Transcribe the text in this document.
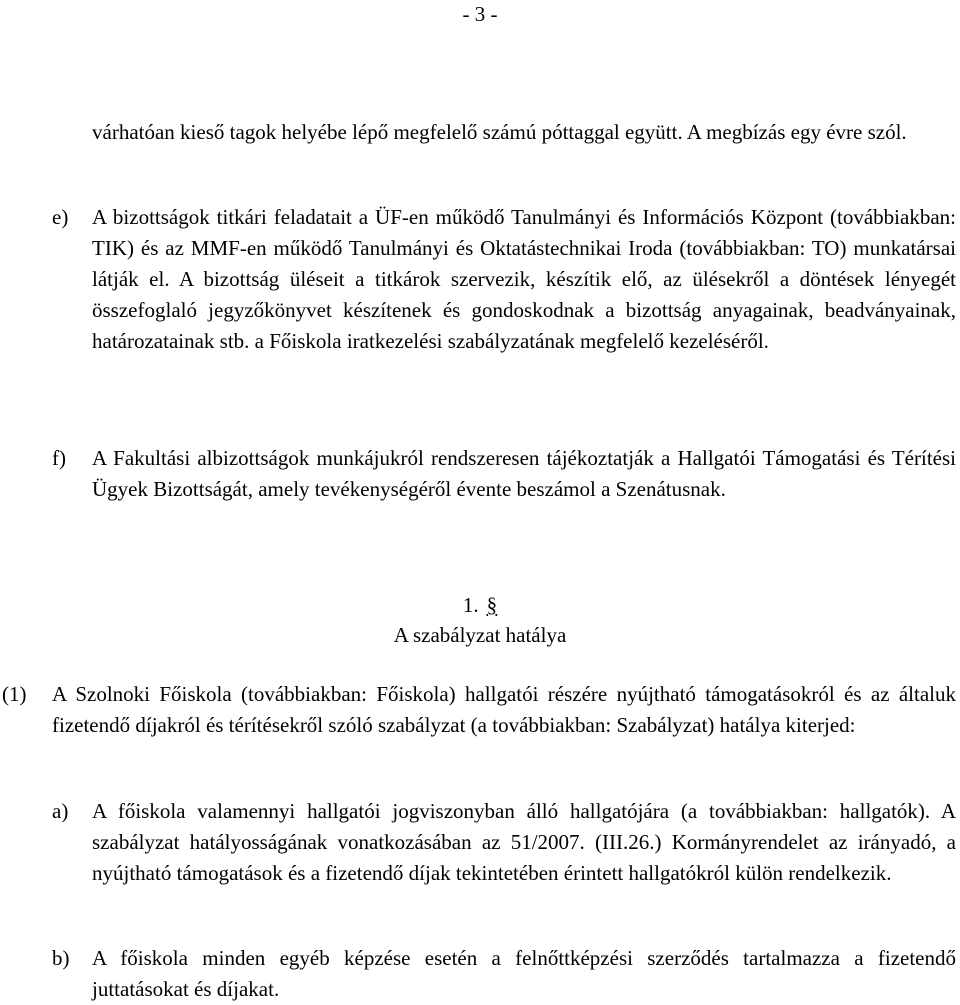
- 3 -

várhatóan kieső tagok helyébe lépő megfelelő számú póttaggal együtt. A megbízás egy évre szól.

e) A bizottságok titkári feladatait a ÜF-en működő Tanulmányi és Információs Központ (továbbiakban: TIK) és az MMF-en működő Tanulmányi és Oktatástechnikai Iroda (továbbiakban: TO) munkatársai látják el. A bizottság üléseit a titkárok szervezik, készítik elő, az ülésekről a döntések lényegét összefoglaló jegyzőkönyvet készítenek és gondoskodnak a bizottság anyagainak, beadványainak, határozatainak stb. a Főiskola iratkezelési szabályzatának megfelelő kezeléséről.
f) A Fakultási albizottságok munkájukról rendszeresen tájékoztatják a Hallgatói Támogatási és Térítési Ügyek Bizottságát, amely tevékenységéről évente beszámol a Szenátusnak.
1. §
A szabályzat hatálya
(1) A Szolnoki Főiskola (továbbiakban: Főiskola) hallgatói részére nyújtható támogatásokról és az általuk fizetendő díjakról és térítésekről szóló szabályzat (a továbbiakban: Szabályzat) hatálya kiterjed:
a) A főiskola valamennyi hallgatói jogviszonyban álló hallgatójára (a továbbiakban: hallgatók). A szabályzat hatályosságának vonatkozásában az 51/2007. (III.26.) Kormányrendelet az irányadó, a nyújtható támogatások és a fizetendő díjak tekintetében érintett hallgatókról külön rendelkezik.
b) A főiskola minden egyéb képzése esetén a felnőttképzési szerződés tartalmazza a fizetendő juttatásokat és díjakat.
